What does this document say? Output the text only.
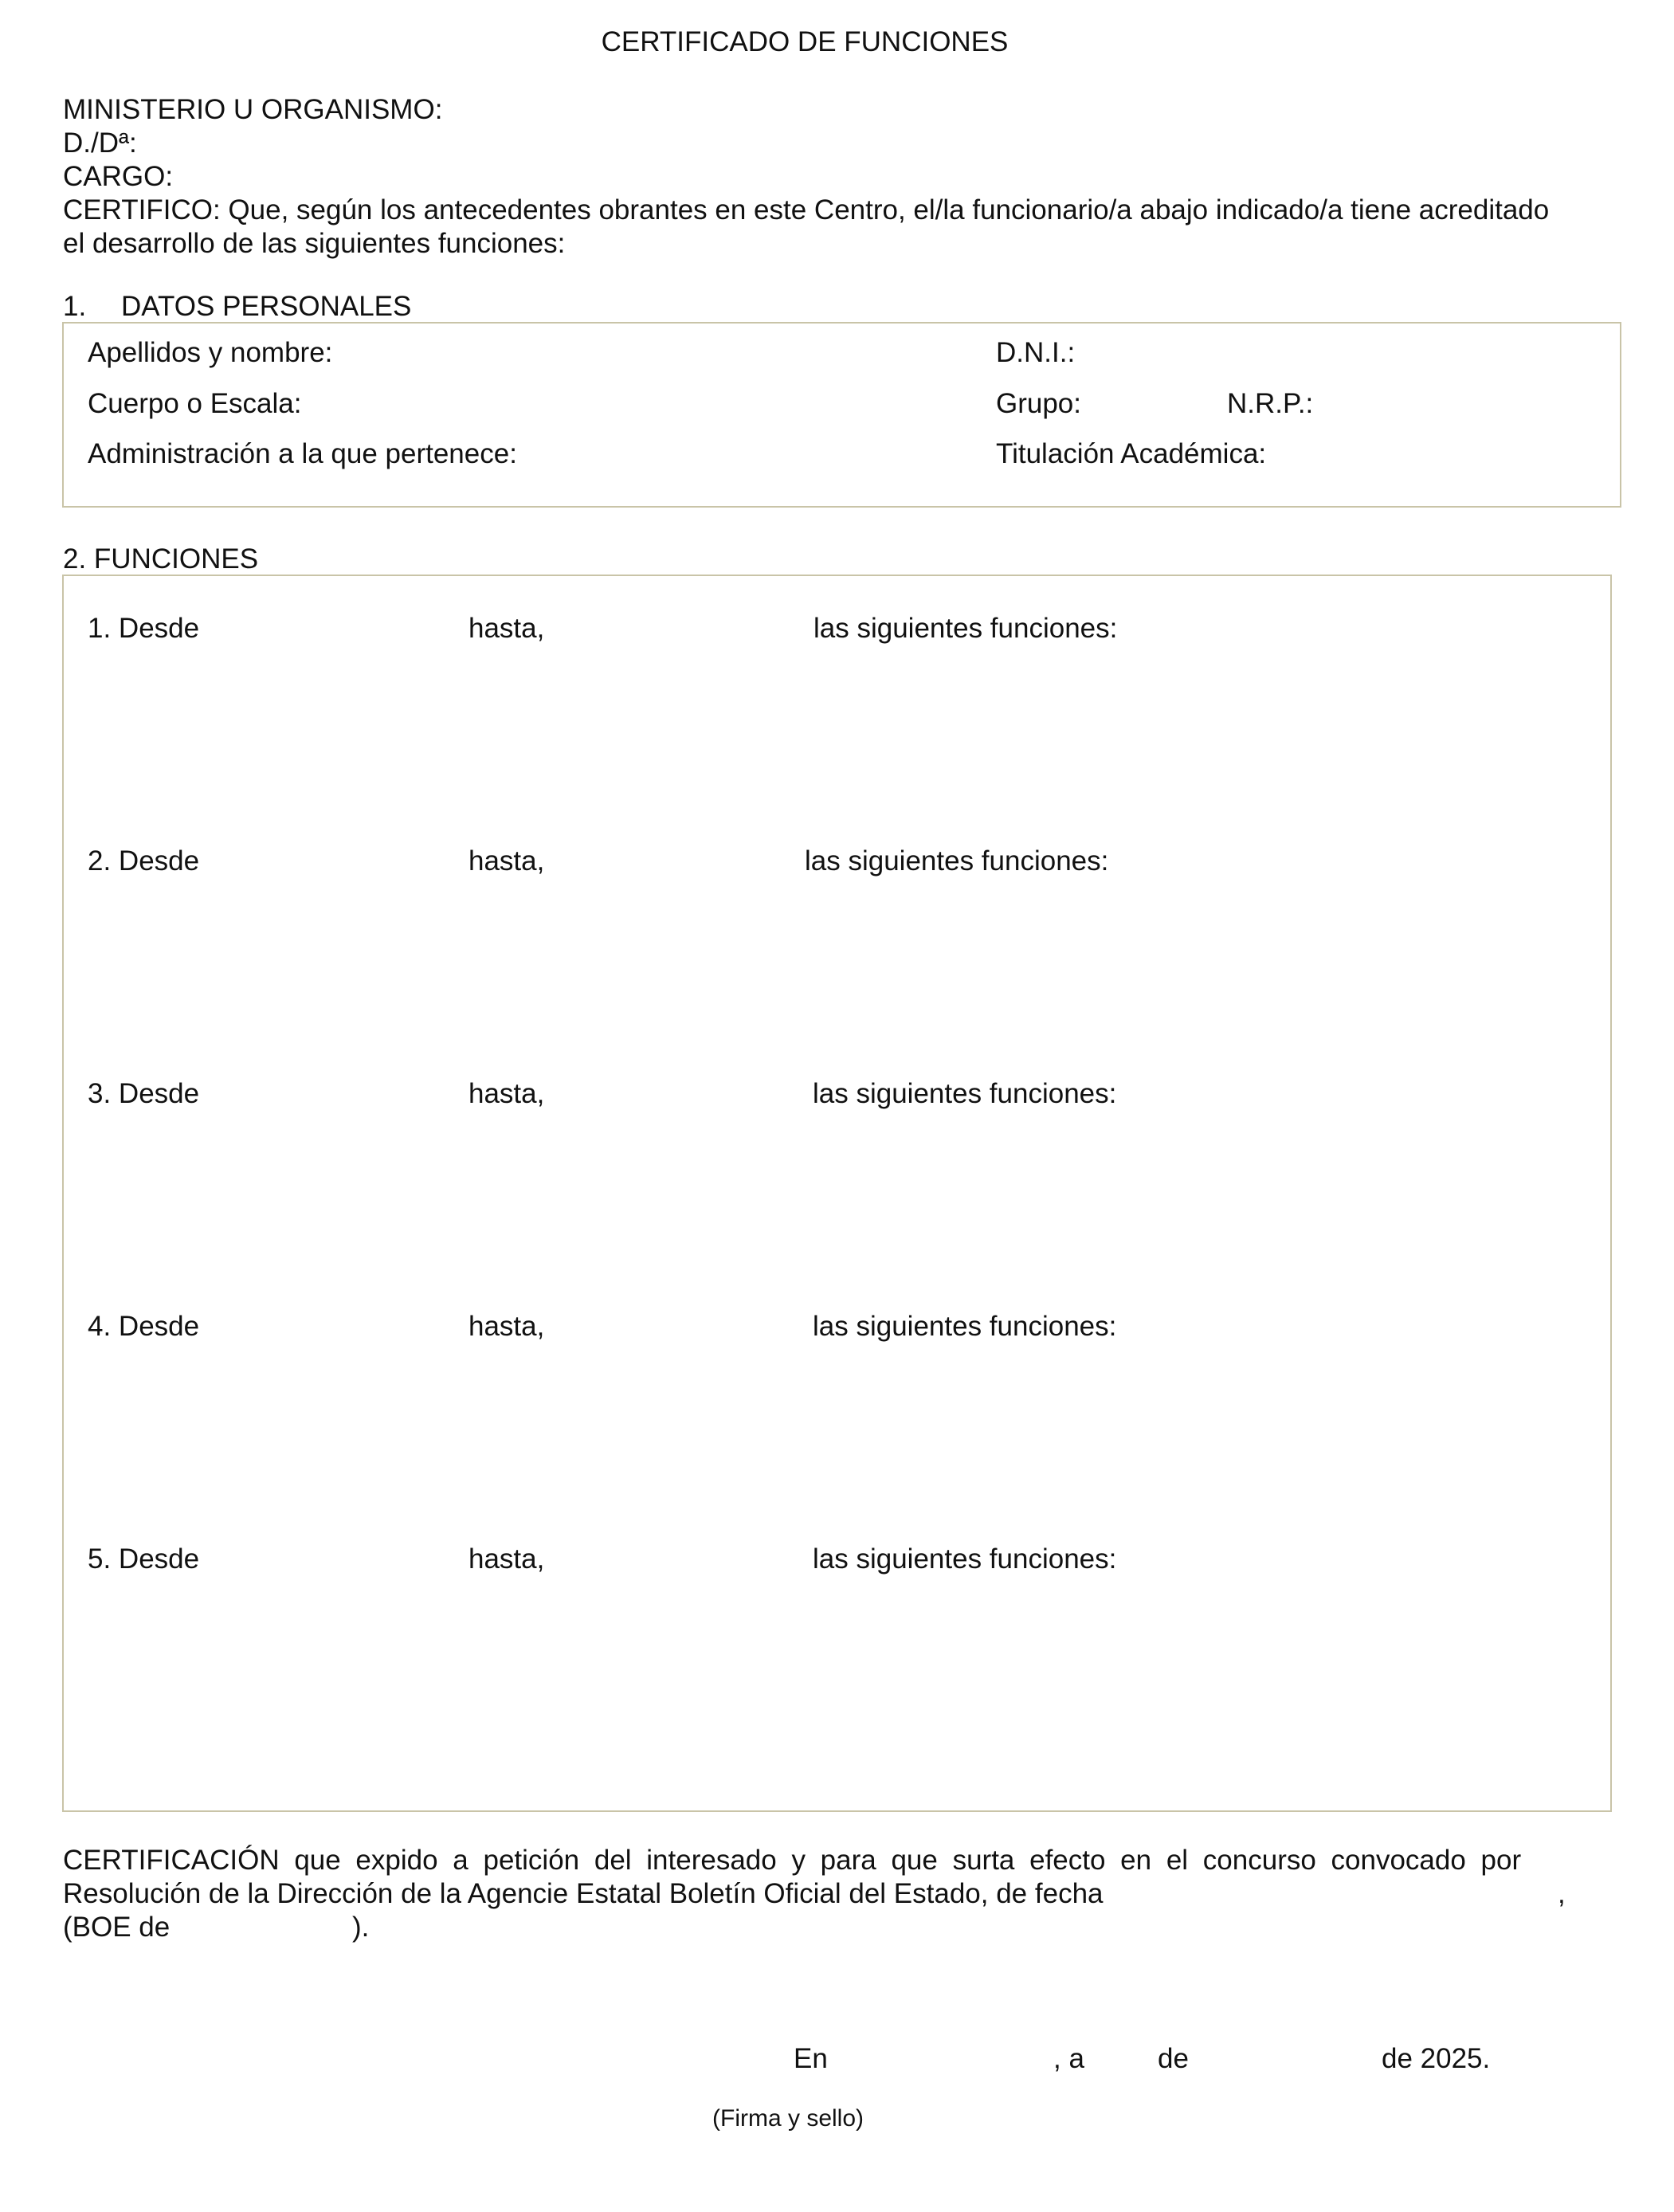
CERTIFICADO DE FUNCIONES
MINISTERIO U ORGANISMO:
D./Dª:
CARGO:
CERTIFICO: Que, según los antecedentes obrantes en este Centro, el/la funcionario/a abajo indicado/a tiene acreditado
el desarrollo de las siguientes funciones:
1. DATOS PERSONALES
Apellidos y nombre:	D.N.I.:
Cuerpo o Escala:	Grupo:	N.R.P.:
Administración a la que pertenece:	Titulación Académica:
2. FUNCIONES
1. Desde	hasta,	las siguientes funciones:
2. Desde	hasta,	las siguientes funciones:
3. Desde	hasta,	las siguientes funciones:
4. Desde	hasta,	las siguientes funciones:
5. Desde	hasta,	las siguientes funciones:
CERTIFICACIÓN que expido a petición del interesado y para que surta efecto en el concurso convocado por
Resolución de la Dirección de la Agencie Estatal Boletín Oficial del Estado, de fecha	,
(BOE de	).
En	, a	de	de 2025.
(Firma y sello)
